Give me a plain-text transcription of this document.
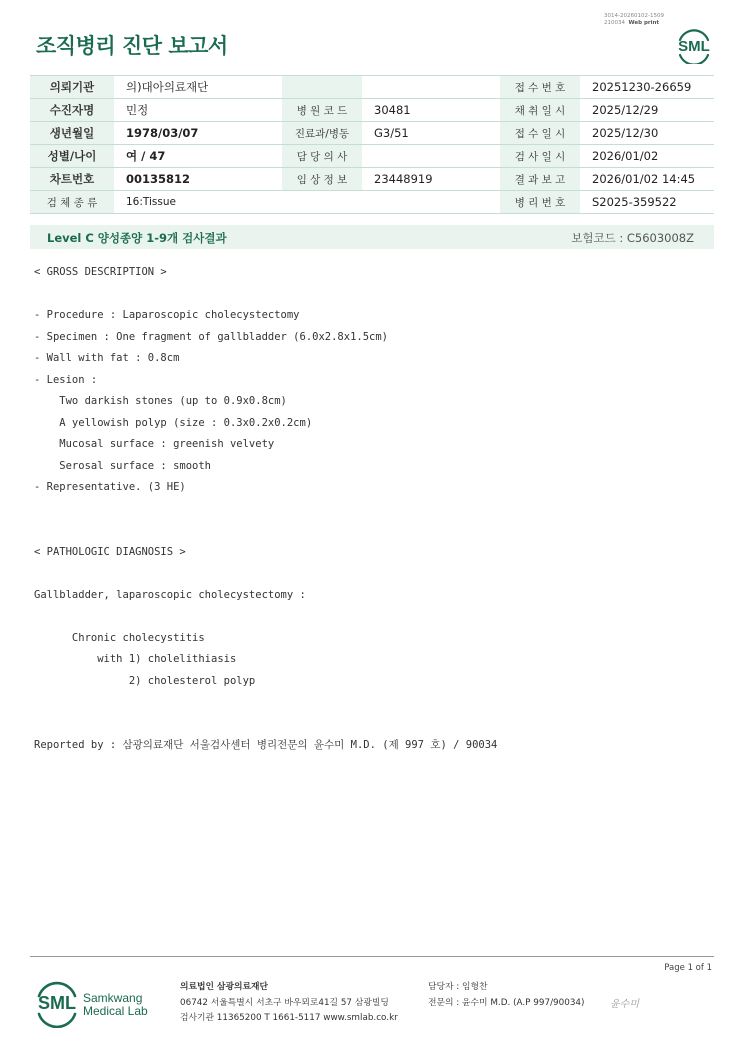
3014-20260102-1509
210034 Web print
조직병리 진단 보고서	SML
의뢰기관	의)대아의료재단			접 수 번 호	20251230-26659
수진자명	민정	병 원 코 드	30481	채 취 일 시	2025/12/29
생년월일	1978/03/07	진료과/병동	G3/51	접 수 일 시	2025/12/30
성별/나이	여 / 47	담 당 의 사		검 사 일 시	2026/01/02
차트번호	00135812	임 상 정 보	23448919	결 과 보 고	2026/01/02 14:45
검 체 종 류	16:Tissue			병 리 번 호	S2025-359522
Level C 양성종양 1-9개 검사결과	보험코드 : C5603008Z
< GROSS DESCRIPTION >

- Procedure : Laparoscopic cholecystectomy
- Specimen : One fragment of gallbladder (6.0x2.8x1.5cm)
- Wall with fat : 0.8cm
- Lesion :
Two darkish stones (up to 0.9x0.8cm)
A yellowish polyp (size : 0.3x0.2x0.2cm)
Mucosal surface : greenish velvety
Serosal surface : smooth
- Representative. (3 HE)

< PATHOLOGIC DIAGNOSIS >

Gallbladder, laparoscopic cholecystectomy :

Chronic cholecystitis
with 1) cholelithiasis
2) cholesterol polyp

Reported by : 삼광의료재단 서울검사센터 병리전문의 윤수미 M.D. (제 997 호) / 90034
Page 1 of 1
SML Samkwang
Medical Lab
의료법인 삼광의료재단
06742 서울특별시 서초구 바우뫼로41길 57 삼광빌딩
검사기관 11365200 T 1661-5117 www.smlab.co.kr
담당자 : 임형찬
전문의 : 윤수미 M.D. (A.P 997/90034)	윤수미
